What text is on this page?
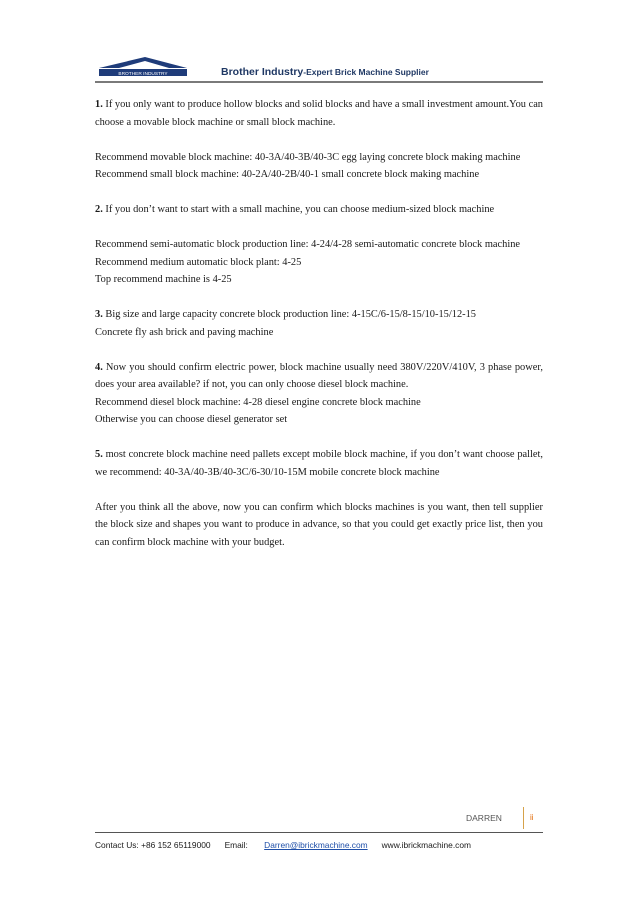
BROTHER INDUSTRY	Brother Industry-Expert Brick Machine Supplier

1. If you only want to produce hollow blocks and solid blocks and have a small investment amount.You can choose a movable block machine or small block machine.

Recommend movable block machine: 40-3A/40-3B/40-3C egg laying concrete block making machine

Recommend small block machine: 40-2A/40-2B/40-1 small concrete block making machine

2. If you don’t want to start with a small machine, you can choose medium-sized block machine

Recommend semi-automatic block production line: 4-24/4-28 semi-automatic concrete block machine

Recommend medium automatic block plant: 4-25

Top recommend machine is 4-25

3. Big size and large capacity concrete block production line: 4-15C/6-15/8-15/10-15/12-15

Concrete fly ash brick and paving machine

4. Now you should confirm electric power, block machine usually need 380V/220V/410V, 3 phase power, does your area available? if not, you can only choose diesel block machine.

Recommend diesel block machine: 4-28 diesel engine concrete block machine

Otherwise you can choose diesel generator set

5. most concrete block machine need pallets except mobile block machine, if you don’t want choose pallet, we recommend: 40-3A/40-3B/40-3C/6-30/10-15M mobile concrete block machine

After you think all the above, now you can confirm which blocks machines is you want, then tell supplier the block size and shapes you want to produce in advance, so that you could get exactly price list, then you can confirm block machine with your budget.

DARREN	ii
Contact Us: +86 152 65119000 Email: Darren@ibrickmachine.com www.ibrickmachine.com
